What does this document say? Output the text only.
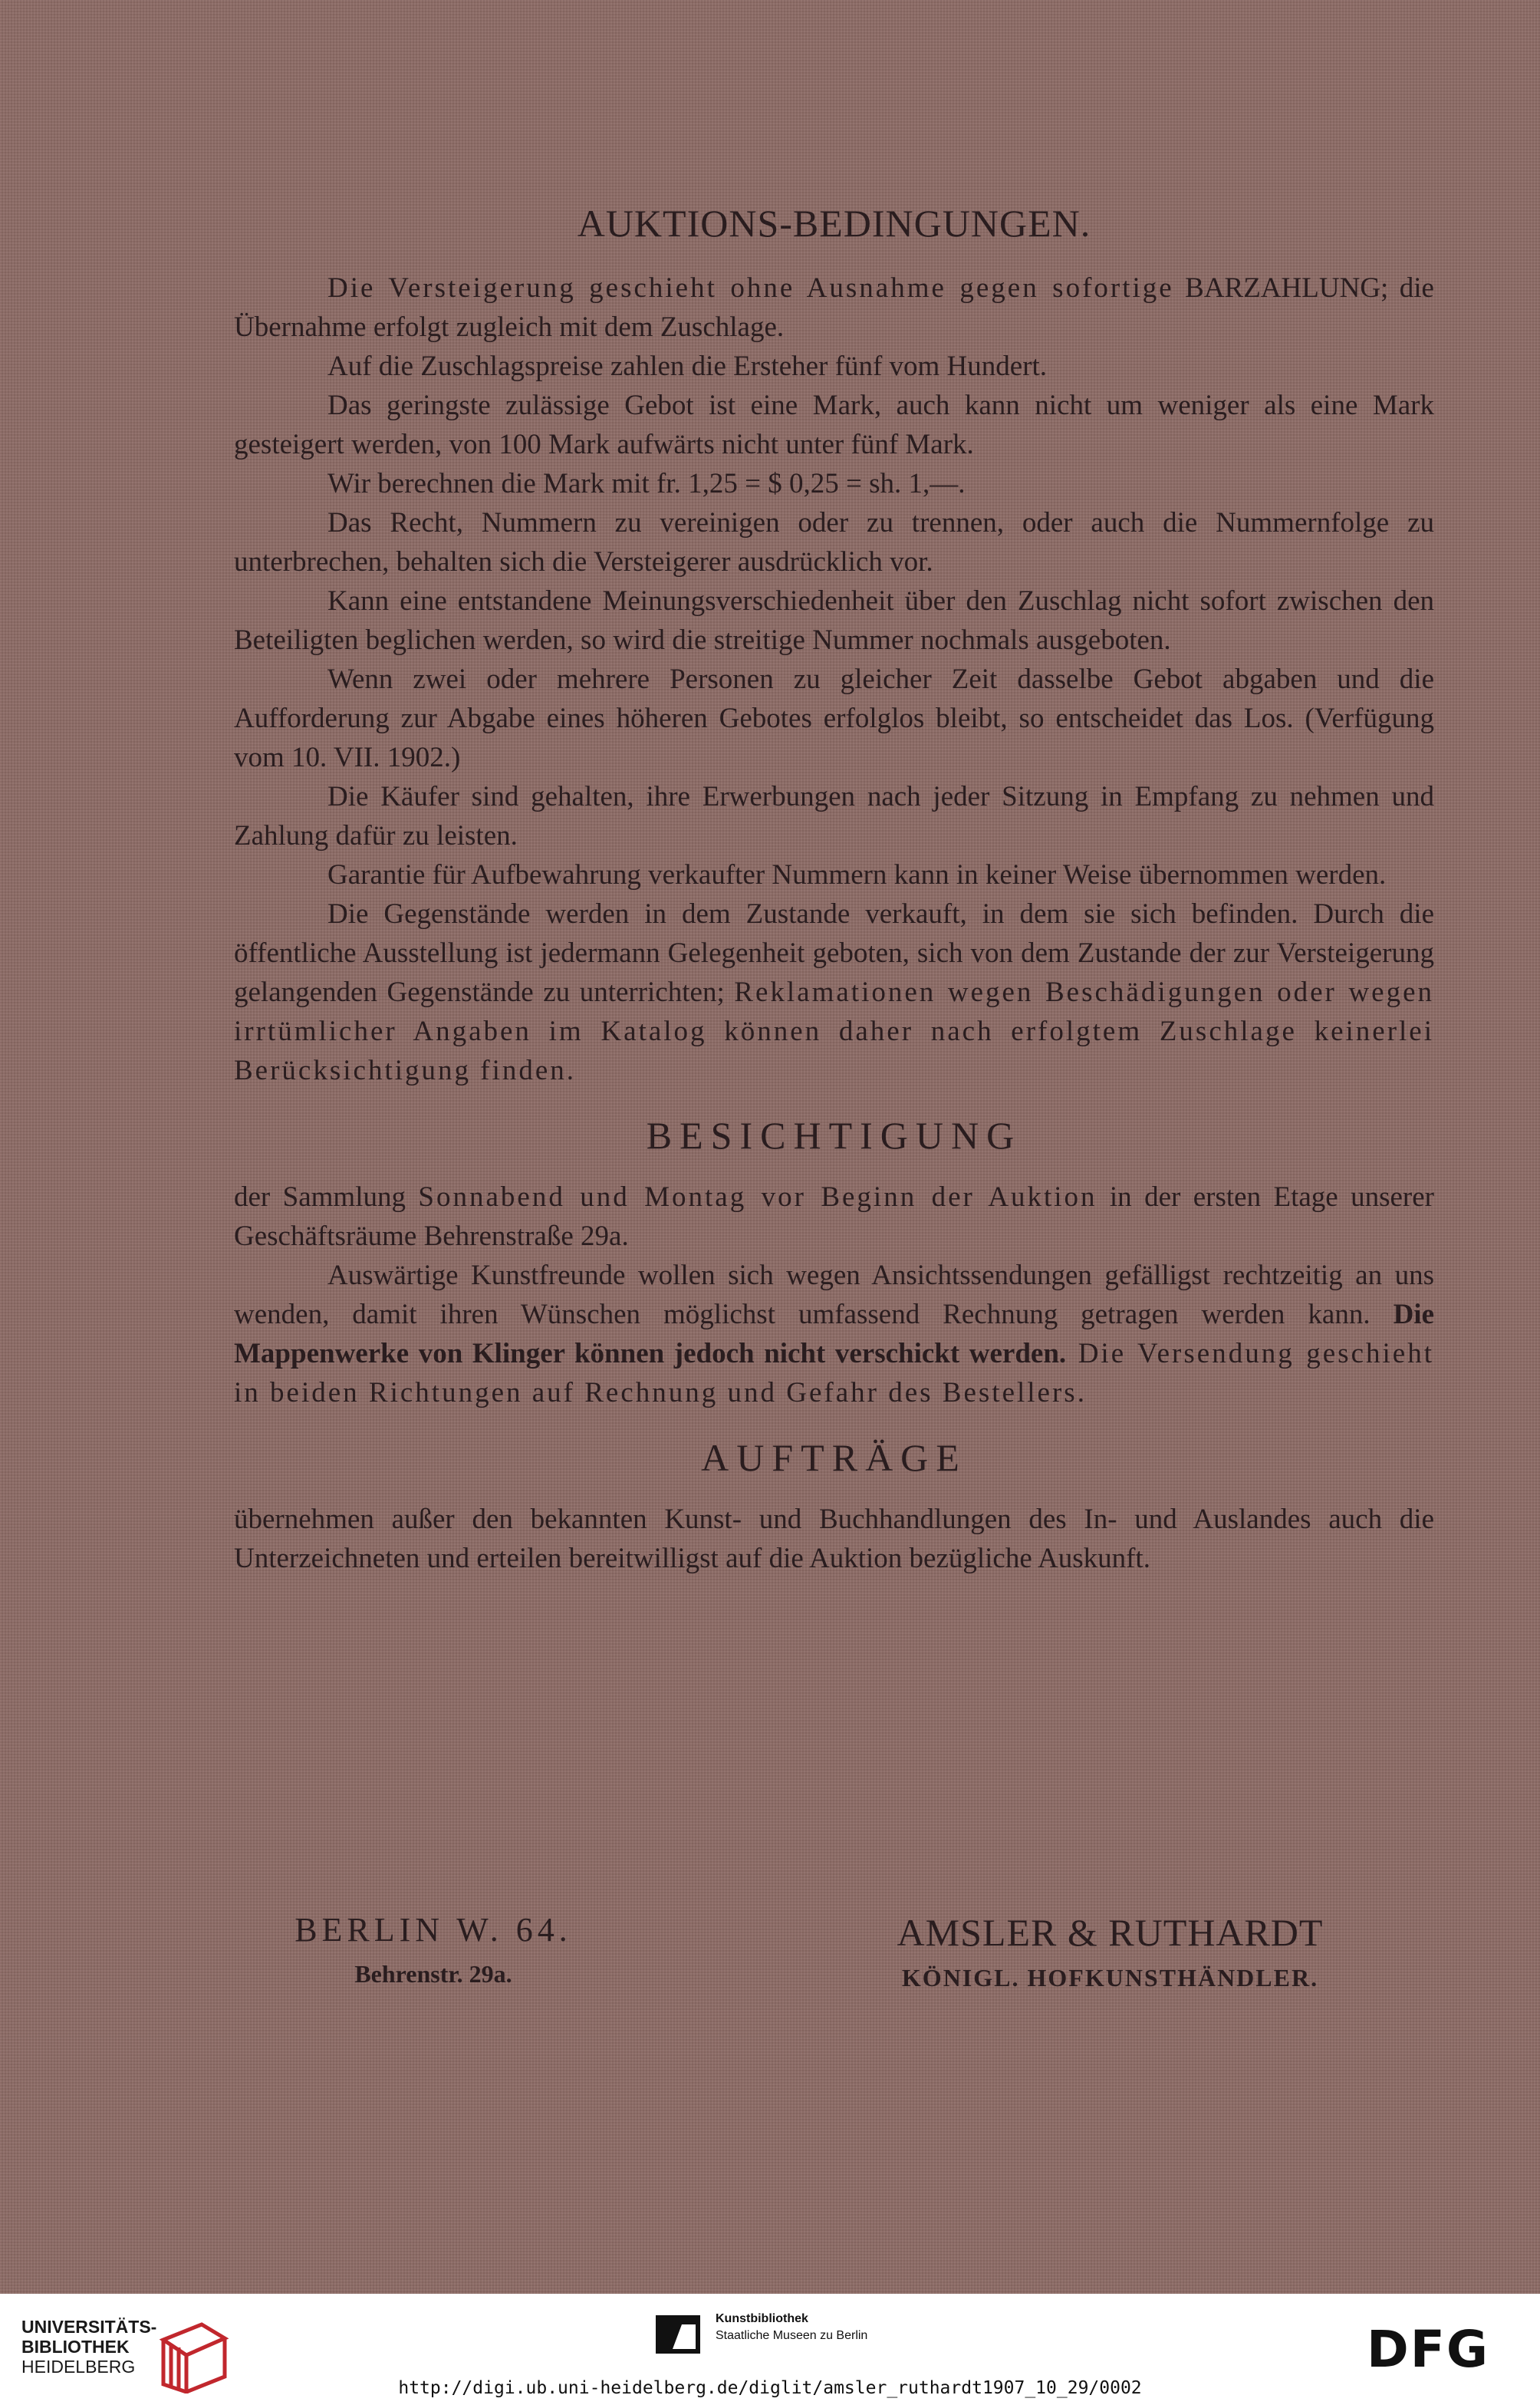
AUKTIONS-BEDINGUNGEN.

Die Versteigerung geschieht ohne Ausnahme gegen sofortige BARZAHLUNG; die Übernahme erfolgt zugleich mit dem Zuschlage.

Auf die Zuschlagspreise zahlen die Ersteher fünf vom Hundert.

Das geringste zulässige Gebot ist eine Mark, auch kann nicht um weniger als eine Mark gesteigert werden, von 100 Mark aufwärts nicht unter fünf Mark.

Wir berechnen die Mark mit fr. 1,25 = $ 0,25 = sh. 1,—.

Das Recht, Nummern zu vereinigen oder zu trennen, oder auch die Nummernfolge zu unterbrechen, behalten sich die Versteigerer ausdrücklich vor.

Kann eine entstandene Meinungsverschiedenheit über den Zuschlag nicht sofort zwischen den Beteiligten beglichen werden, so wird die streitige Nummer nochmals ausgeboten.

Wenn zwei oder mehrere Personen zu gleicher Zeit dasselbe Gebot abgaben und die Aufforderung zur Abgabe eines höheren Gebotes erfolglos bleibt, so entscheidet das Los. (Verfügung vom 10. VII. 1902.)

Die Käufer sind gehalten, ihre Erwerbungen nach jeder Sitzung in Empfang zu nehmen und Zahlung dafür zu leisten.

Garantie für Aufbewahrung verkaufter Nummern kann in keiner Weise übernommen werden.

Die Gegenstände werden in dem Zustande verkauft, in dem sie sich befinden. Durch die öffentliche Ausstellung ist jedermann Gelegenheit geboten, sich von dem Zustande der zur Versteigerung gelangenden Gegenstände zu unterrichten; Reklamationen wegen Beschädigungen oder wegen irrtümlicher Angaben im Katalog können daher nach erfolgtem Zuschlage keinerlei Berücksichtigung finden.

BESICHTIGUNG

der Sammlung Sonnabend und Montag vor Beginn der Auktion in der ersten Etage unserer Geschäftsräume Behrenstraße 29a.

Auswärtige Kunstfreunde wollen sich wegen Ansichtssendungen gefälligst rechtzeitig an uns wenden, damit ihren Wünschen möglichst umfassend Rechnung getragen werden kann. Die Mappenwerke von Klinger können jedoch nicht verschickt werden. Die Versendung geschieht in beiden Richtungen auf Rechnung und Gefahr des Bestellers.

AUFTRÄGE

übernehmen außer den bekannten Kunst- und Buchhandlungen des In- und Auslandes auch die Unterzeichneten und erteilen bereitwilligst auf die Auktion bezügliche Auskunft.

BERLIN W. 64.
Behrenstr. 29a.
AMSLER & RUTHARDT
KÖNIGL. HOFKUNSTHÄNDLER.
UNIVERSITÄTS-
BIBLIOTHEK
HEIDELBERG
Kunstbibliothek
Staatliche Museen zu Berlin	DFG
http://digi.ub.uni-heidelberg.de/diglit/amsler_ruthardt1907_10_29/0002
